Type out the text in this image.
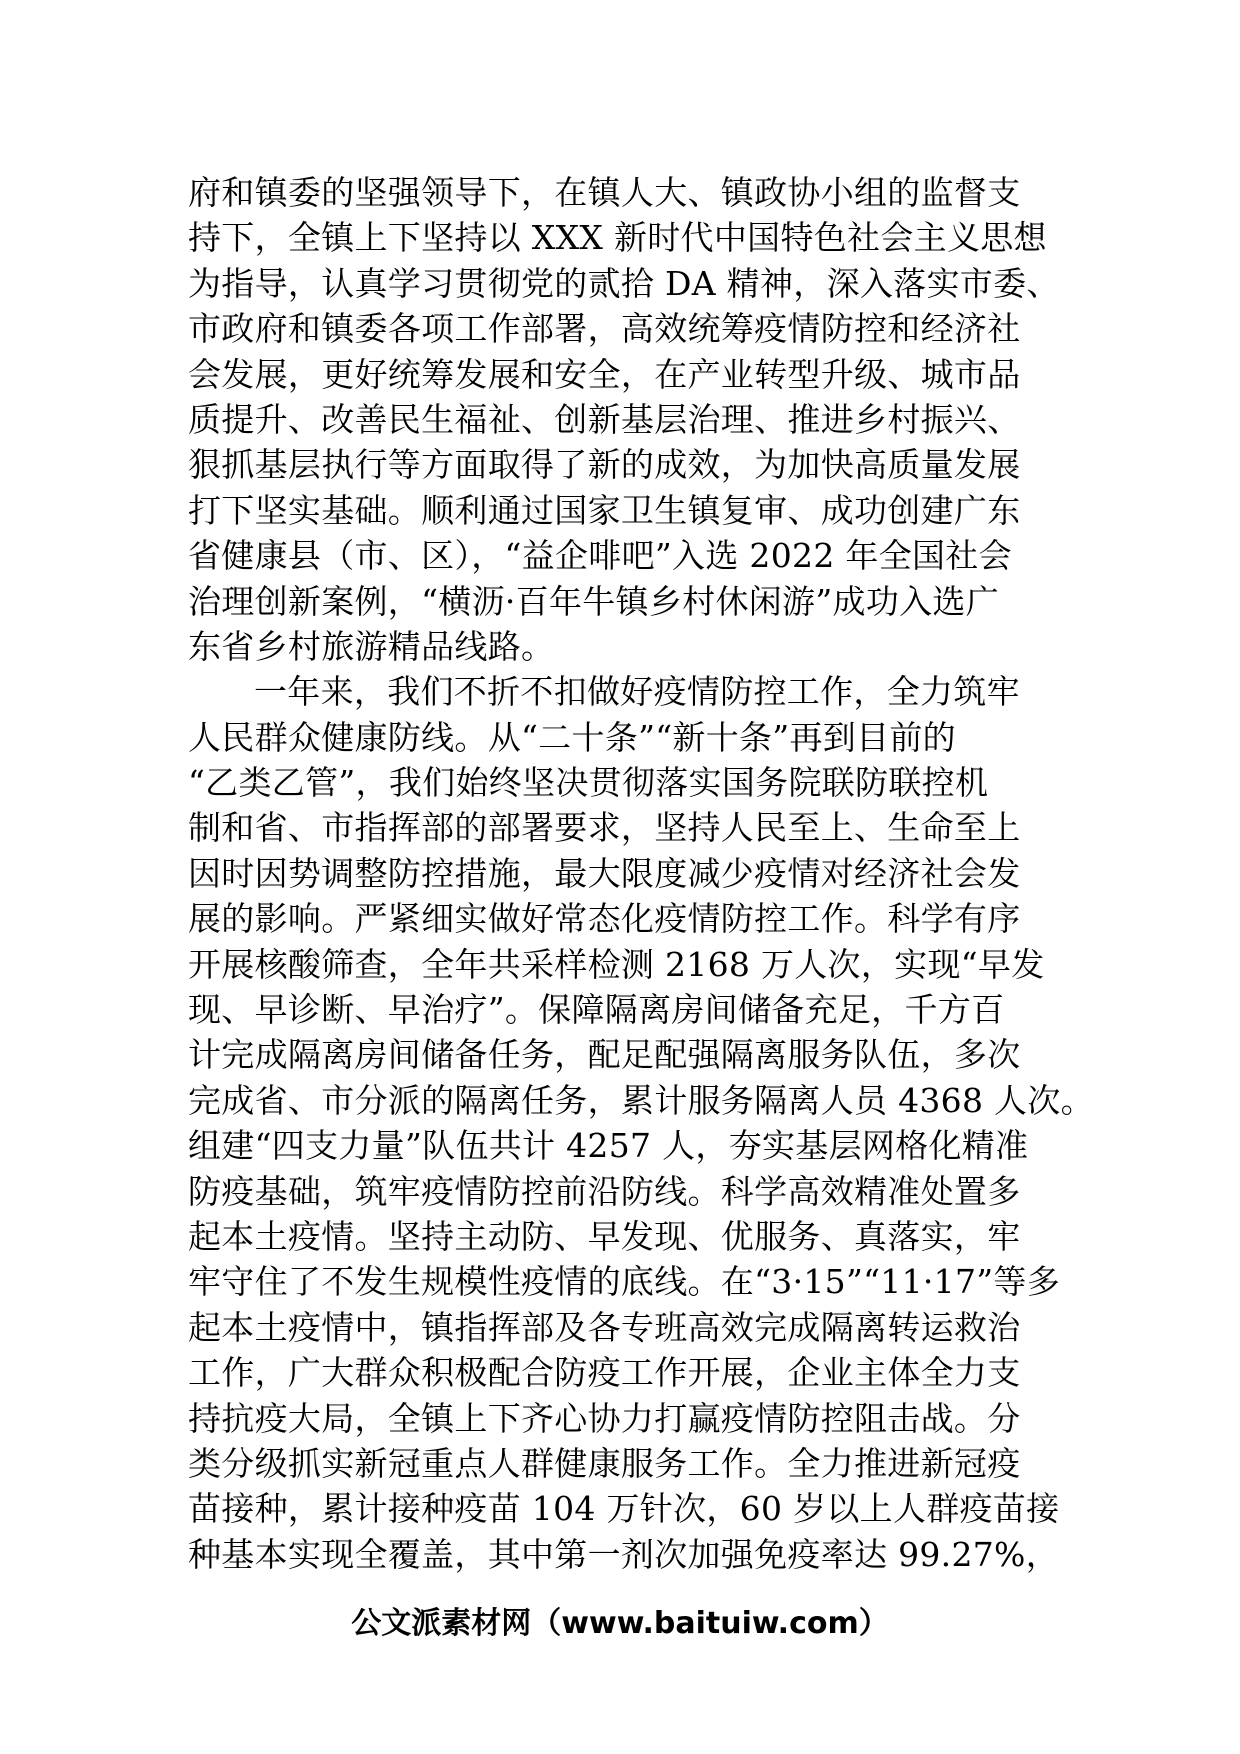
府和镇委的坚强领导下，在镇人大、镇政协小组的监督支
持下，全镇上下坚持以 XXX 新时代中国特色社会主义思想
为指导，认真学习贯彻党的贰拾 DA 精神，深入落实市委、
市政府和镇委各项工作部署，高效统筹疫情防控和经济社
会发展，更好统筹发展和安全，在产业转型升级、城市品
质提升、改善民生福祉、创新基层治理、推进乡村振兴、
狠抓基层执行等方面取得了新的成效，为加快高质量发展
打下坚实基础。顺利通过国家卫生镇复审、成功创建广东
省健康县（市、区），“益企啡吧”入选 2022 年全国社会
治理创新案例，“横沥·百年牛镇乡村休闲游”成功入选广
东省乡村旅游精品线路。
一年来，我们不折不扣做好疫情防控工作，全力筑牢
人民群众健康防线。从“二十条”“新十条”再到目前的
“乙类乙管”，我们始终坚决贯彻落实国务院联防联控机
制和省、市指挥部的部署要求，坚持人民至上、生命至上
因时因势调整防控措施，最大限度减少疫情对经济社会发
展的影响。严紧细实做好常态化疫情防控工作。科学有序
开展核酸筛查，全年共采样检测 2168 万人次，实现“早发
现、早诊断、早治疗”。保障隔离房间储备充足，千方百
计完成隔离房间储备任务，配足配强隔离服务队伍，多次
完成省、市分派的隔离任务，累计服务隔离人员 4368 人次。
组建“四支力量”队伍共计 4257 人，夯实基层网格化精准
防疫基础，筑牢疫情防控前沿防线。科学高效精准处置多
起本土疫情。坚持主动防、早发现、优服务、真落实，牢
牢守住了不发生规模性疫情的底线。在“3·15”“11·17”等多
起本土疫情中，镇指挥部及各专班高效完成隔离转运救治
工作，广大群众积极配合防疫工作开展，企业主体全力支
持抗疫大局，全镇上下齐心协力打赢疫情防控阻击战。分
类分级抓实新冠重点人群健康服务工作。全力推进新冠疫
苗接种，累计接种疫苗 104 万针次，60 岁以上人群疫苗接
种基本实现全覆盖，其中第一剂次加强免疫率达 99.27%，
公文派素材网（www.baituiw.com）
